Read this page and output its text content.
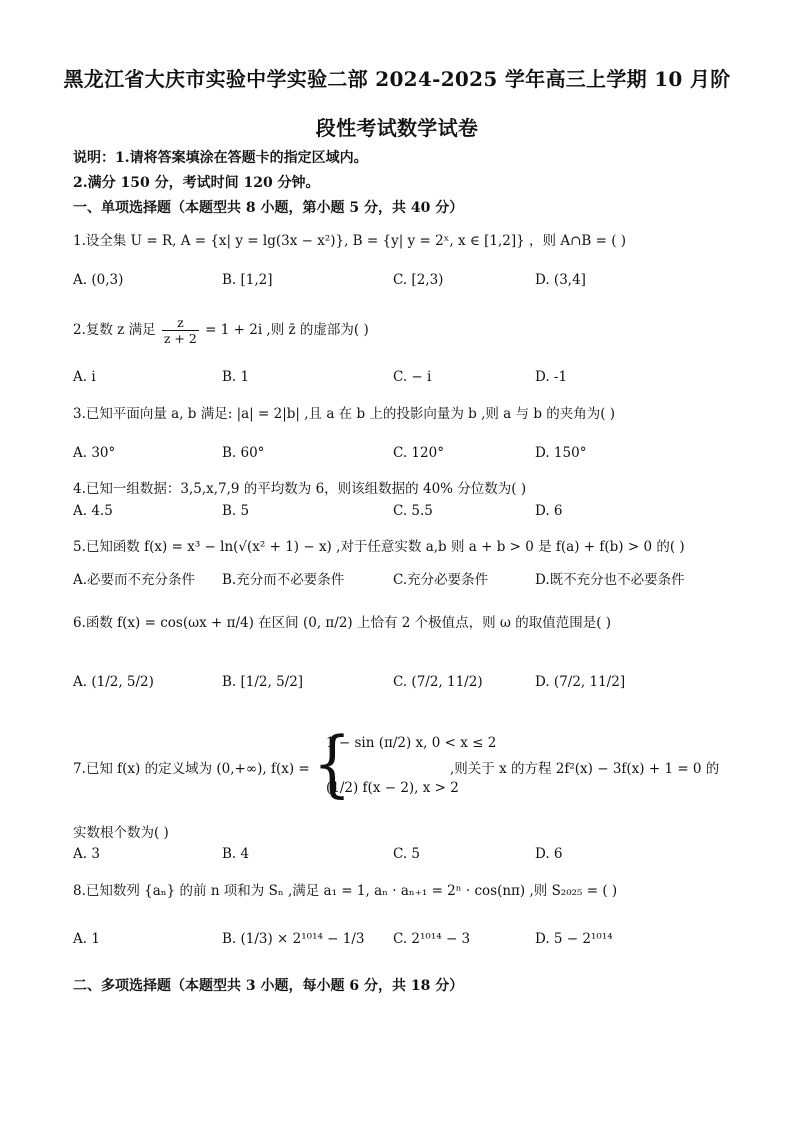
黑龙江省大庆市实验中学实验二部 2024-2025 学年高三上学期 10 月阶
段性考试数学试卷
说明：1.请将答案填涂在答题卡的指定区域内。
2.满分 150 分，考试时间 120 分钟。
一、单项选择题（本题型共 8 小题，第小题 5 分，共 40 分）
1.设全集 U = R, A = {x| y = lg(3x − x²)}, B = {y| y = 2ˣ, x ∈ [1,2]} ，则 A∩B = ( )
A. (0,3)	B. [1,2]	C. [2,3)	D. (3,4]
2.复数 z 满足 $\frac{z}{z + 2} = 1 + 2i$ ,则 z̄ 的虚部为( )
A. i	B. 1	C. − i	D. -1
3.已知平面向量 a, b 满足: |a| = 2|b| ,且 a 在 b 上的投影向量为 b ,则 a 与 b 的夹角为( )
A. 30°	B. 60°	C. 120°	D. 150°
4.已知一组数据：3,5,x,7,9 的平均数为 6，则该组数据的 40% 分位数为( )
A. 4.5	B. 5	C. 5.5	D. 6
5.已知函数 f(x) = x³ − ln(√(x² + 1) − x) ,对于任意实数 a,b 则 a + b > 0 是 f(a) + f(b) > 0 的( )
A.必要而不充分条件 B.充分而不必要条件	C.充分必要条件	D.既不充分也不必要条件
6.函数 f(x) = cos(ωx + π/4) 在区间 (0, π/2) 上恰有 2 个极值点，则 ω 的取值范围是( )
A. (1/2, 5/2)	B. [1/2, 5/2]	C. (7/2, 11/2)	D. (7/2, 11/2]
7.已知 f(x) 的定义域为 (0,+∞), f(x) = {
1 − sin (π/2) x, 0 < x ≤ 2
(1/2) f(x − 2), x > 2
,则关于 x 的方程 2f²(x) − 3f(x) + 1 = 0 的
实数根个数为( )
A. 3	B. 4	C. 5	D. 6
8.已知数列 {aₙ} 的前 n 项和为 Sₙ ,满足 a₁ = 1, aₙ · aₙ₊₁ = 2ⁿ · cos(nπ) ,则 S₂₀₂₅ = ( )
A. 1	B. (1/3) × 2¹⁰¹⁴ − 1/3 C. 2¹⁰¹⁴ − 3	D. 5 − 2¹⁰¹⁴
二、多项选择题（本题型共 3 小题，每小题 6 分，共 18 分）
